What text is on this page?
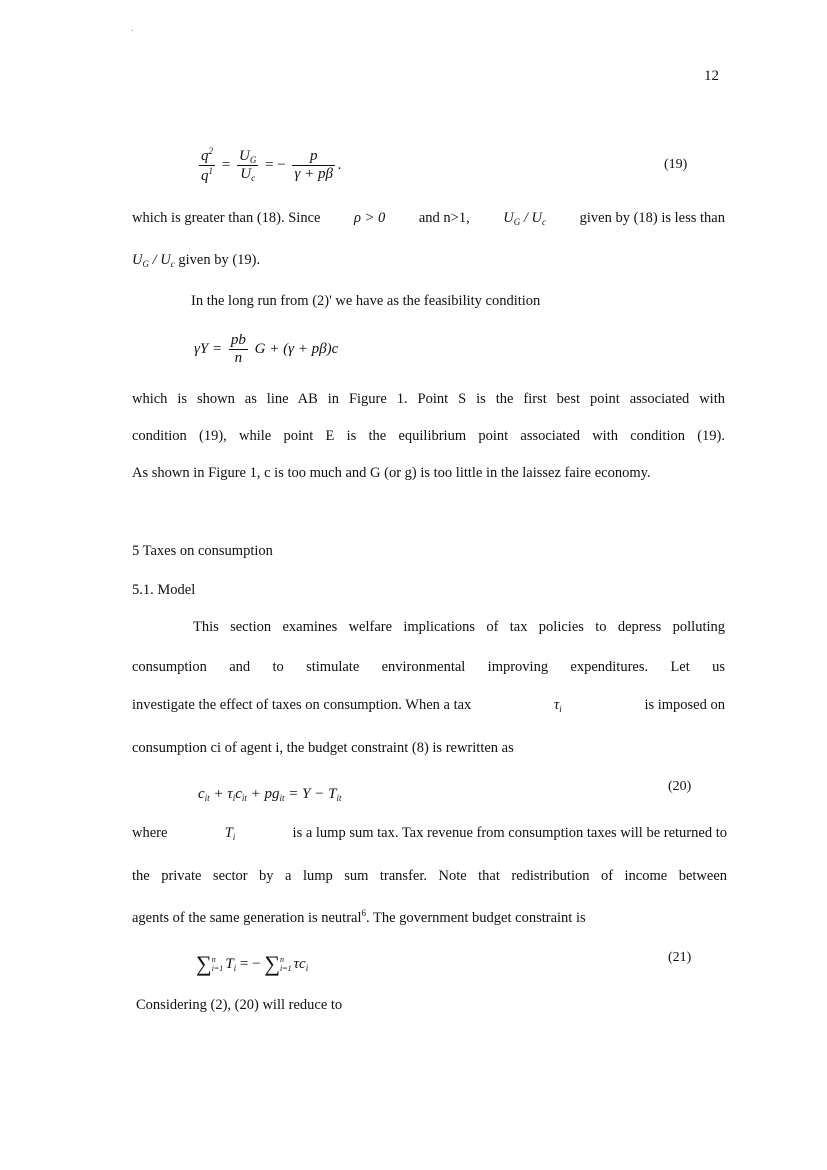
12
$\frac{q^2}{q^1} = \frac{U_G}{U_c}$ = − $\frac{p}{\gamma + p\beta}$ .	(19)
which is greater than (18). Since ρ > 0 and n>1, $U_G / U_c$ given by (18) is less than
$U_G / U_c$ given by (19).
In the long run from (2)' we have as the feasibility condition
$\gamma Y = \frac{pb}{n}$ G + (γ + pβ)c
which is shown as line AB in Figure 1. Point S is the first best point associated with
condition (19), while point E is the equilibrium point associated with condition (19).
As shown in Figure 1, c is too much and G (or g) is too little in the laissez faire economy.
5 Taxes on consumption
5.1. Model
This section examines welfare implications of tax policies to depress polluting
consumption and to stimulate environmental improving expenditures. Let us
investigate the effect of taxes on consumption. When a tax	$\tau_i$	is imposed on
consumption ci of agent i, the budget constraint (8) is rewritten as
$c_{it} + \tau_ic_{it} + pg_{it} = Y - T_{it}$
(20)
where	$T_i$	is a lump sum tax. Tax revenue from consumption taxes will be returned to
the private sector by a lump sum transfer. Note that redistribution of income between
agents of the same generation is neutral$^6$. The government budget constraint is
∑n
i=1 $T_i$ = − ∑n
i=1 $\tau c_i$
(21)
Considering (2), (20) will reduce to
